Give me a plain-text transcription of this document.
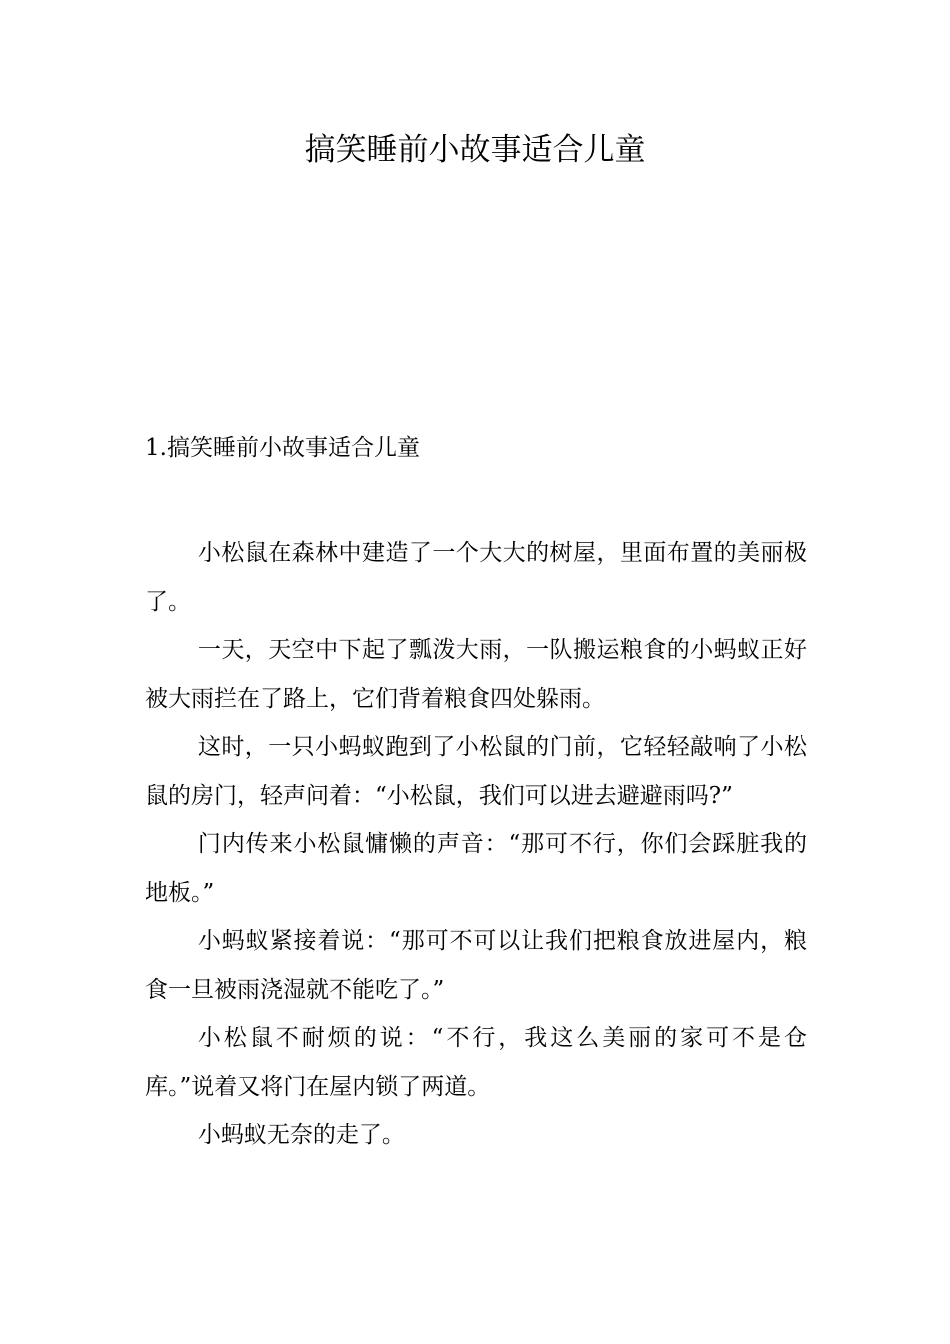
搞笑睡前小故事适合儿童
1.搞笑睡前小故事适合儿童

小松鼠在森林中建造了一个大大的树屋，里面布置的美丽极了。

一天，天空中下起了瓢泼大雨，一队搬运粮食的小蚂蚁正好被大雨拦在了路上，它们背着粮食四处躲雨。

这时，一只小蚂蚁跑到了小松鼠的门前，它轻轻敲响了小松鼠的房门，轻声问着：“小松鼠，我们可以进去避避雨吗?”

门内传来小松鼠慵懒的声音：“那可不行，你们会踩脏我的地板。”

小蚂蚁紧接着说：“那可不可以让我们把粮食放进屋内，粮食一旦被雨浇湿就不能吃了。”

小松鼠不耐烦的说：“不行，我这么美丽的家可不是仓库。”说着又将门在屋内锁了两道。

小蚂蚁无奈的走了。
